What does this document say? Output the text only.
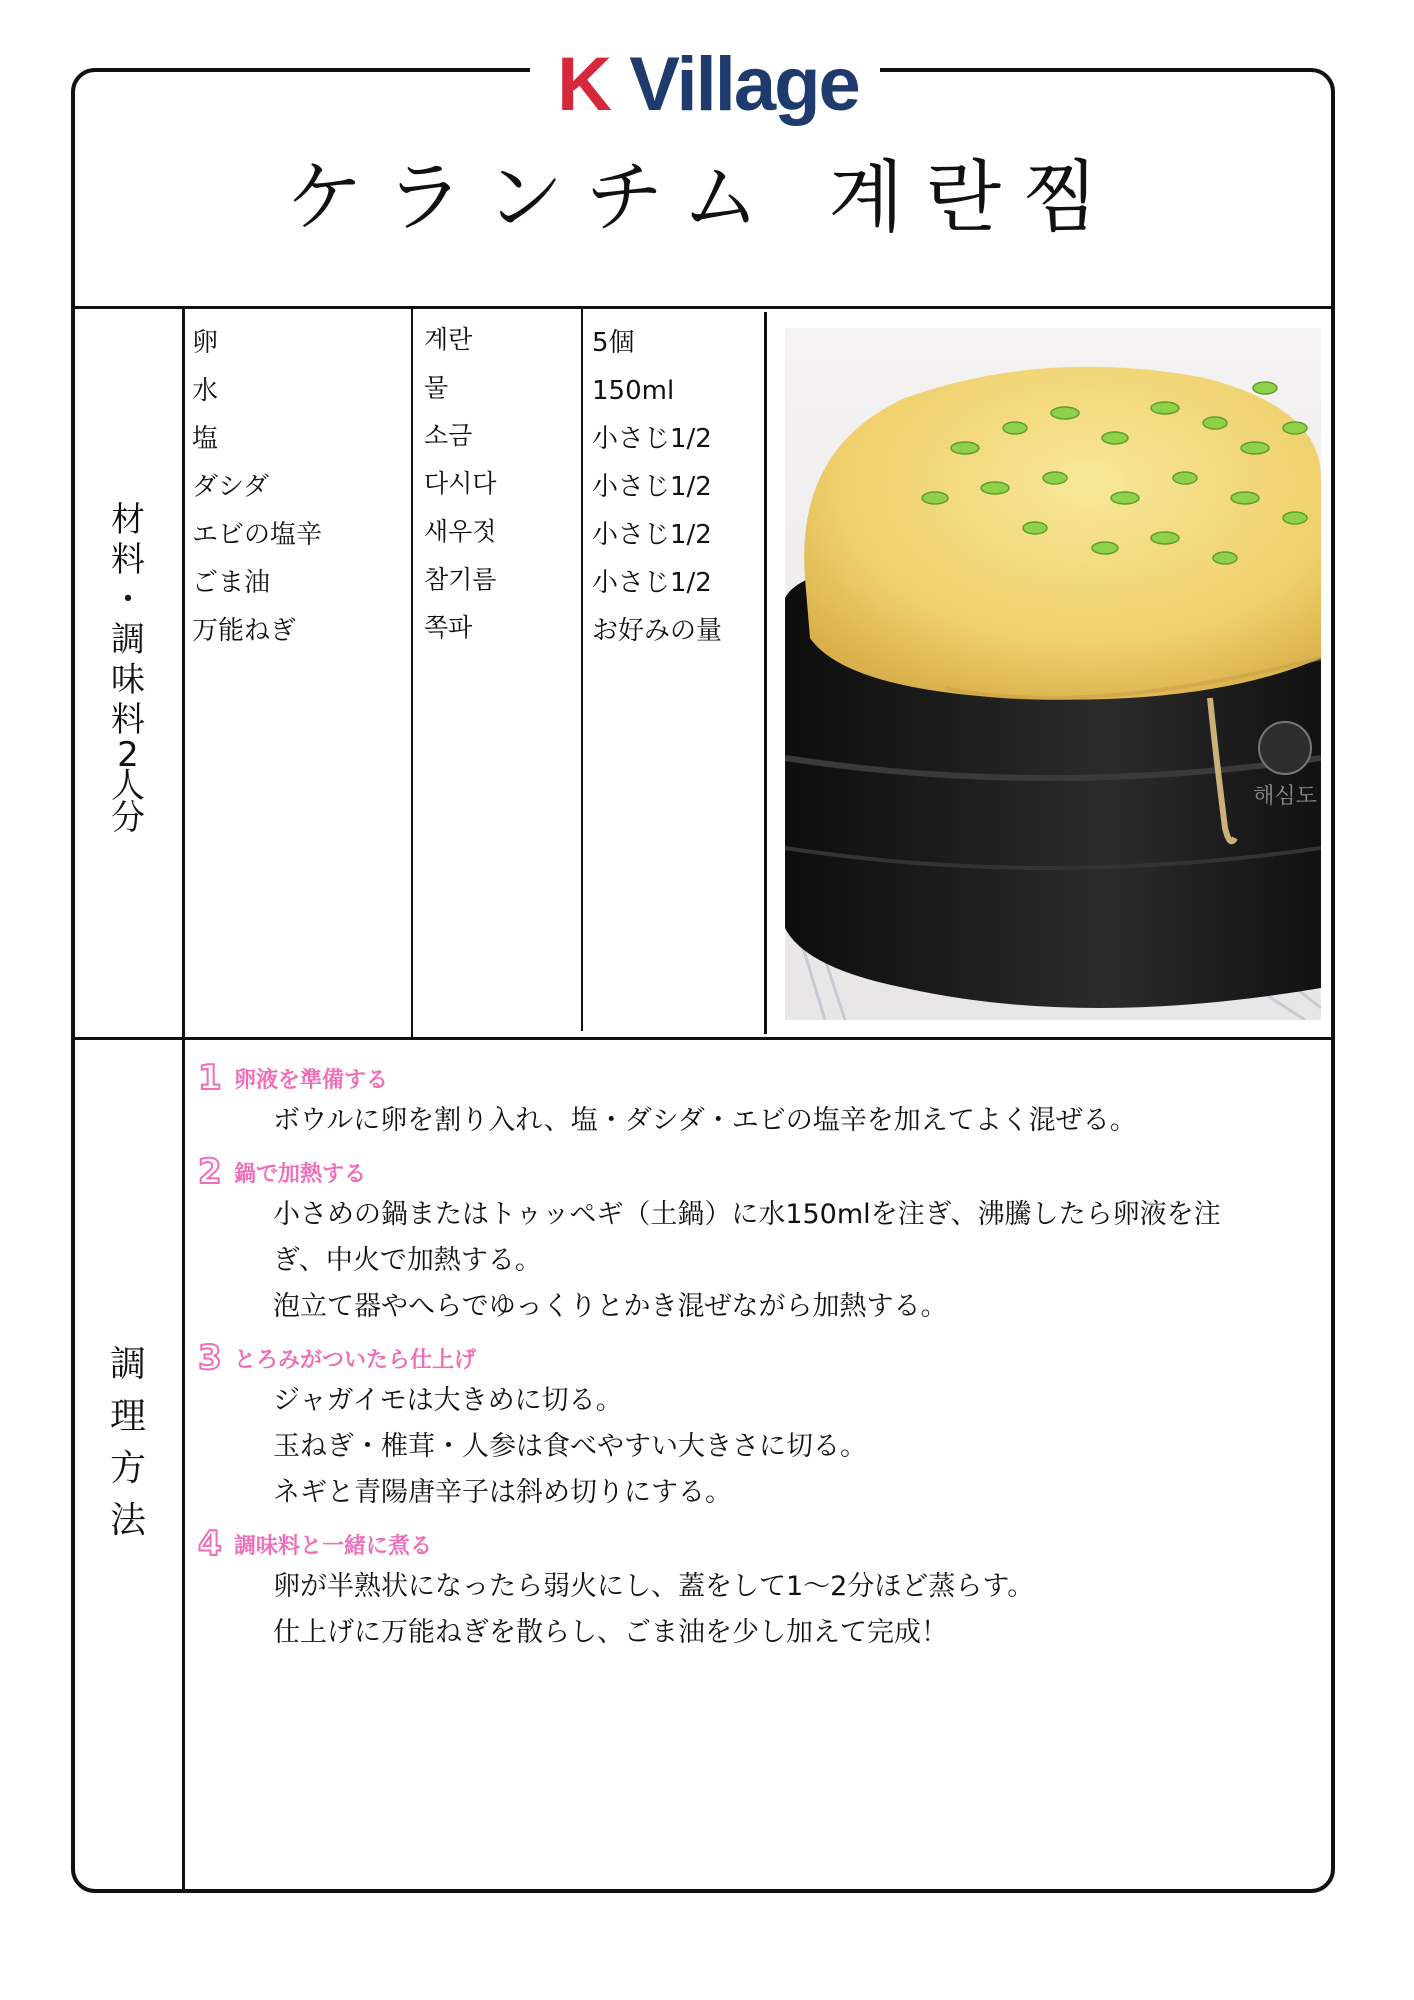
K Village
ケランチム 계란찜
材
料
・
調
味
料
2
人
分
調
理
方
法
卵
水
塩
ダシダ
エビの塩辛
ごま油
万能ねぎ
계란
물
소금
다시다
새우젓
참기름
쪽파
5個
150ml
小さじ1/2
小さじ1/2
小さじ1/2
小さじ1/2
お好みの量
해심도
1 卵液を準備する
ボウルに卵を割り入れ、塩・ダシダ・エビの塩辛を加えてよく混ぜる。
2 鍋で加熱する
小さめの鍋またはトゥッペギ（土鍋）に水150mlを注ぎ、沸騰したら卵液を注
ぎ、中火で加熱する。
泡立て器やへらでゆっくりとかき混ぜながら加熱する。
3 とろみがついたら仕上げ
ジャガイモは大きめに切る。
玉ねぎ・椎茸・人参は食べやすい大きさに切る。
ネギと青陽唐辛子は斜め切りにする。
4 調味料と一緒に煮る
卵が半熟状になったら弱火にし、蓋をして1〜2分ほど蒸らす。
仕上げに万能ねぎを散らし、ごま油を少し加えて完成！
